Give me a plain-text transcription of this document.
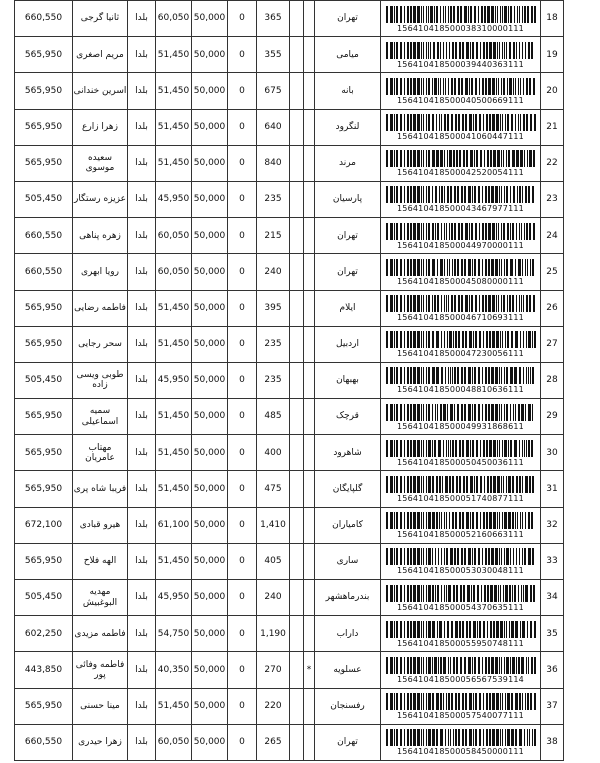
660,550	ثانیا گرجی	بلدا	60,050	50,000	0	365			تهران	156410418500038310000111	18
565,950	مریم اصغری	بلدا	51,450	50,000	0	355			میامی	156410418500039440363111	19
565,950	اسرین خندانی	بلدا	51,450	50,000	0	675			بانه	156410418500040500669111	20
565,950	زهرا زارع	بلدا	51,450	50,000	0	640			لنگرود	156410418500041060447111	21
565,950	سعیده موسوی	بلدا	51,450	50,000	0	840			مرند	156410418500042520054111	22
505,450	عزیزه رستگار	بلدا	45,950	50,000	0	235			پارسیان	156410418500043467977111	23
660,550	زهره پناهی	بلدا	60,050	50,000	0	215			تهران	156410418500044970000111	24
660,550	رویا ابهری	بلدا	60,050	50,000	0	240			تهران	156410418500045080000111	25
565,950	فاطمه رضایی	بلدا	51,450	50,000	0	395			ایلام	156410418500046710693111	26
565,950	سحر رجایی	بلدا	51,450	50,000	0	235			اردبیل	156410418500047230056111	27
505,450	طوبی ویسی زاده	بلدا	45,950	50,000	0	235			بهبهان	156410418500048810636111	28
565,950	سمیه اسماعیلی	بلدا	51,450	50,000	0	485			قرچک	156410418500049931868611	29
565,950	مهتاب عامریان	بلدا	51,450	50,000	0	400			شاهرود	156410418500050450036111	30
565,950	فریبا شاه پری	بلدا	51,450	50,000	0	475			گلپایگان	156410418500051740877111	31
672,100	هیرو قبادی	بلدا	61,100	50,000	0	1,410			کامیاران	156410418500052160663111	32
565,950	الهه فلاح	بلدا	51,450	50,000	0	405			ساری	156410418500053030048111	33
505,450	مهدیه البوغبیش	بلدا	45,950	50,000	0	240			بندرماهشهر	156410418500054370635111	34
602,250	فاطمه مزیدی	بلدا	54,750	50,000	0	1,190			داراب	156410418500055950748111	35
443,850	فاطمه وفائی پور	بلدا	40,350	50,000	0	270		*	عسلویه	156410418500056567539114	36
565,950	مینا حسنی	بلدا	51,450	50,000	0	220			رفسنجان	156410418500057540077111	37
660,550	زهرا حیدری	بلدا	60,050	50,000	0	265			تهران	156410418500058450000111	38
